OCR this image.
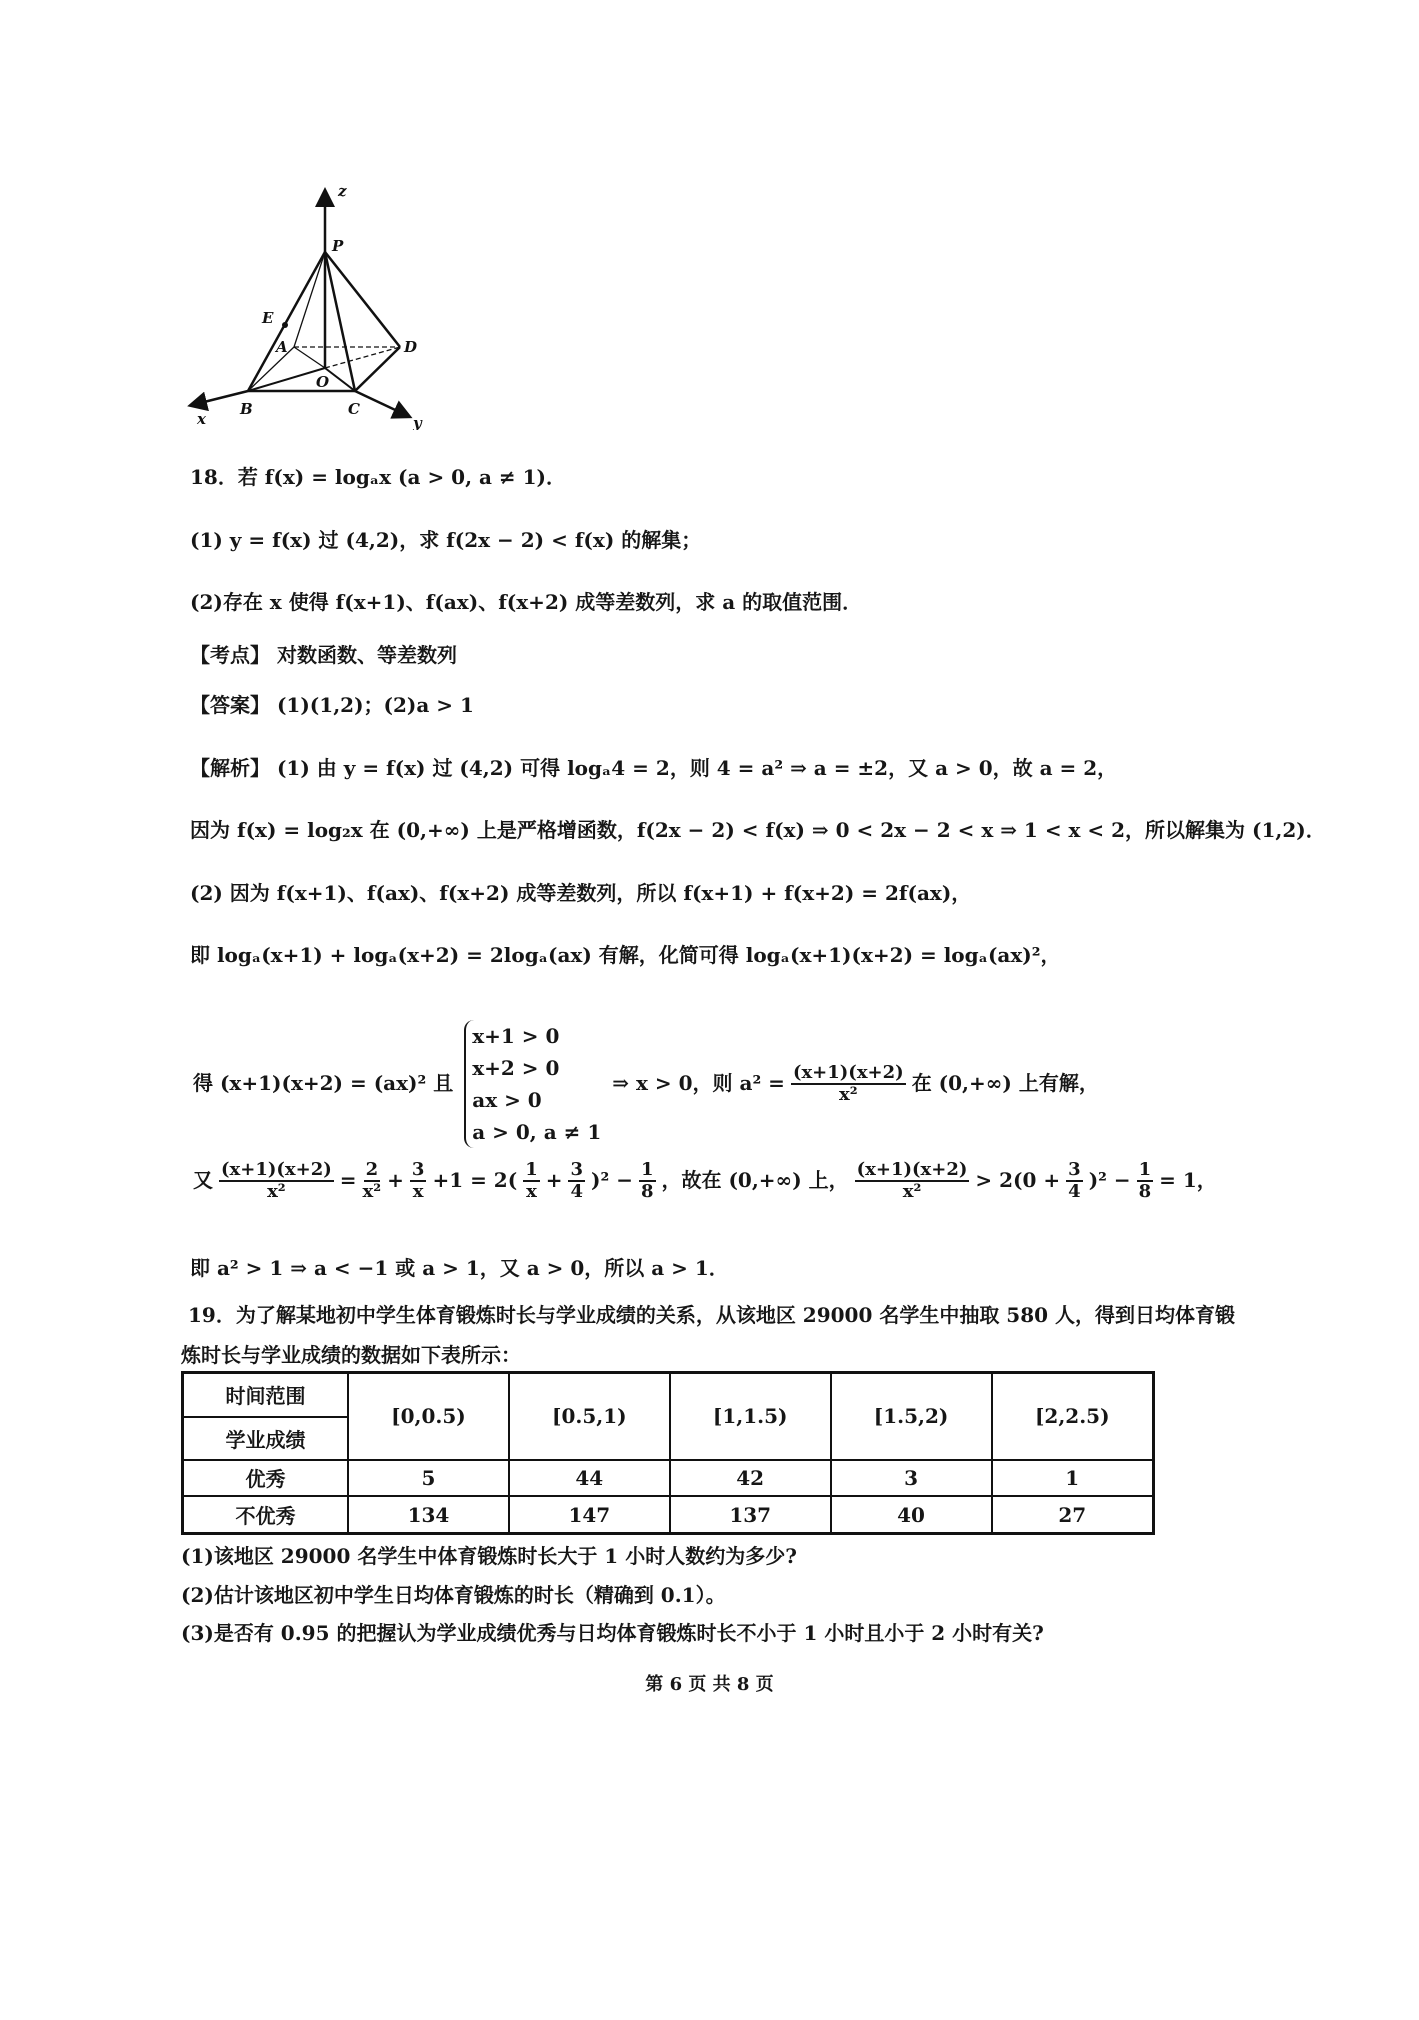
z
P
E
A	D
O
B	C
x	y
18．若 f(x) = logₐx (a > 0, a ≠ 1)．
(1) y = f(x) 过 (4,2)，求 f(2x − 2) < f(x) 的解集；
(2)存在 x 使得 f(x+1)、f(ax)、f(x+2) 成等差数列，求 a 的取值范围．
【考点】 对数函数、等差数列
【答案】 (1)(1,2)；(2)a > 1
【解析】 (1) 由 y = f(x) 过 (4,2) 可得 logₐ4 = 2，则 4 = a² ⇒ a = ±2，又 a > 0，故 a = 2，
因为 f(x) = log₂x 在 (0,+∞) 上是严格增函数，f(2x − 2) < f(x) ⇒ 0 < 2x − 2 < x ⇒ 1 < x < 2，所以解集为 (1,2)．
(2) 因为 f(x+1)、f(ax)、f(x+2) 成等差数列，所以 f(x+1) + f(x+2) = 2f(ax)，
即 logₐ(x+1) + logₐ(x+2) = 2logₐ(ax) 有解，化简可得 logₐ(x+1)(x+2) = logₐ(ax)²，
得 (x+1)(x+2) = (ax)² 且
x+1 > 0
x+2 > 0
ax > 0
a > 0, a ≠ 1
⇒ x > 0，则 $a^2 = \frac{(x+1)(x+2)}{\text{x²}}$ 在 (0,+∞) 上有解，
又 $\frac{(x+1)(x+2)}{\text{x²}} = \frac{2}{\text{x²}} + \frac{3}{x} +1 = 2( \frac{1}{x} + \frac{3}{4} )^2 - \frac{1}{8}$ ，故在 (0,+∞) 上， $\frac{(x+1)(x+2)}{\text{x²}} > 2(0 + \frac{3}{4} )^2 - \frac{1}{8} = 1$，
即 a² > 1 ⇒ a < −1 或 a > 1，又 a > 0，所以 a > 1．
19．为了解某地初中学生体育锻炼时长与学业成绩的关系，从该地区 29000 名学生中抽取 580 人，得到日均体育锻
炼时长与学业成绩的数据如下表所示：
时间范围	[0,0.5)	[0.5,1)	[1,1.5)	[1.5,2)	[2,2.5)
学业成绩					
优秀	5	44	42	3	1
不优秀	134	147	137	40	27
(1)该地区 29000 名学生中体育锻炼时长大于 1 小时人数约为多少?
(2)估计该地区初中学生日均体育锻炼的时长（精确到 0.1）。
(3)是否有 0.95 的把握认为学业成绩优秀与日均体育锻炼时长不小于 1 小时且小于 2 小时有关?
第 6 页 共 8 页
